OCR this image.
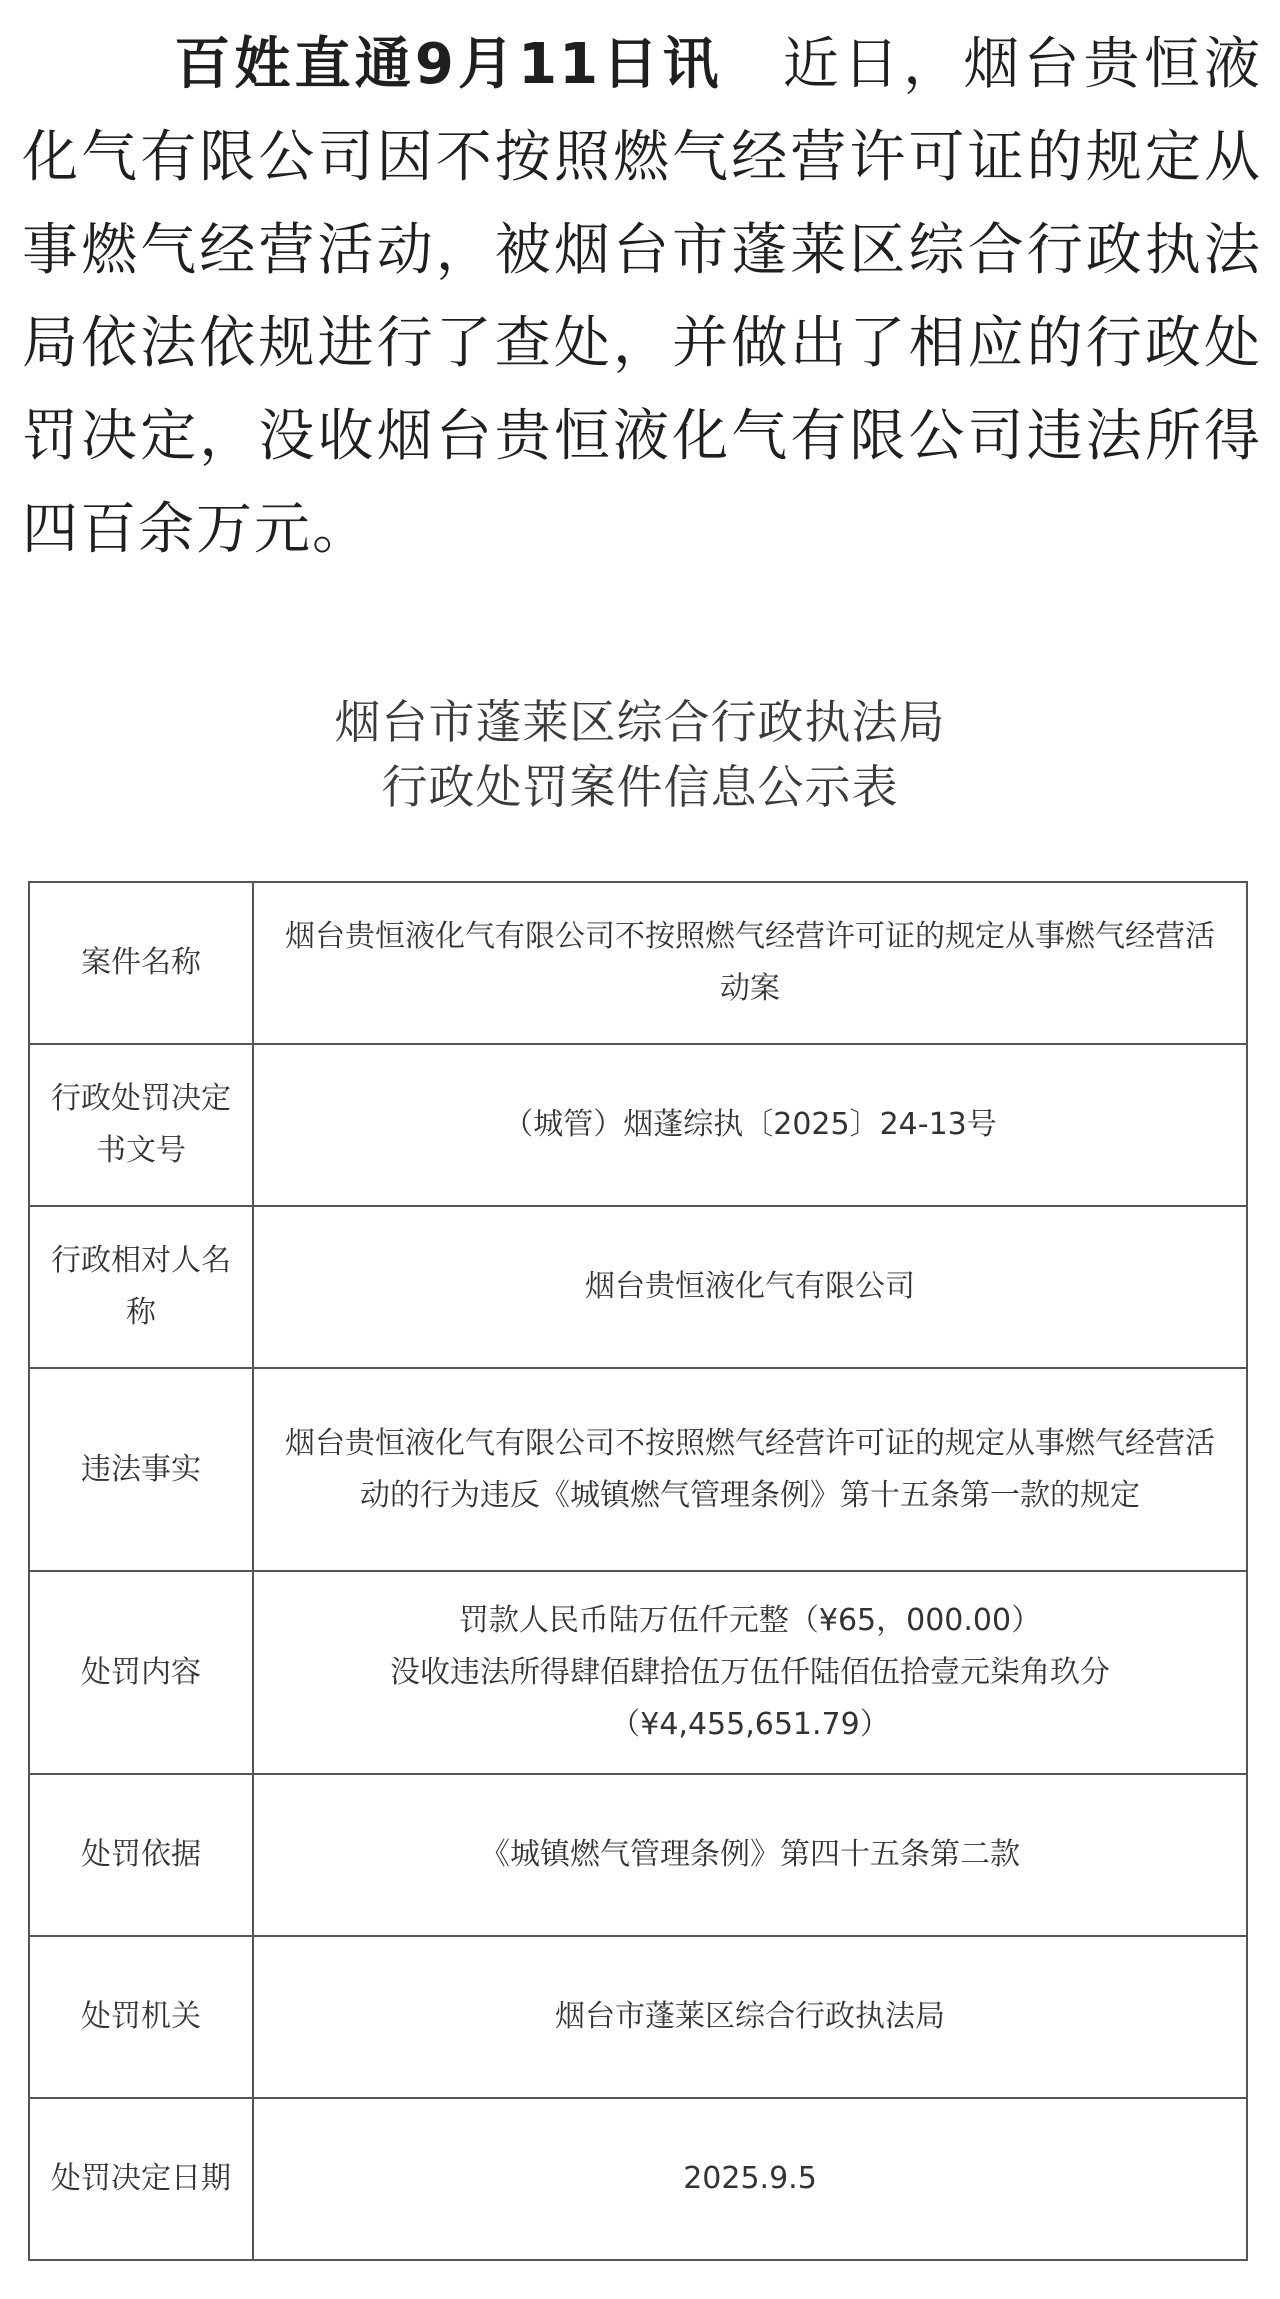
百姓直通9月11日讯　 近日，烟台贵恒液化气有限公司因不按照燃气经营许可证的规定从事燃气经营活动，被烟台市蓬莱区综合行政执法局依法依规进行了查处，并做出了相应的行政处罚决定，没收烟台贵恒液化气有限公司违法所得四百余万元。
烟台市蓬莱区综合行政执法局
行政处罚案件信息公示表
案件名称	烟台贵恒液化气有限公司不按照燃气经营许可证的规定从事燃气经营活动案
行政处罚决定书文号	（城管）烟蓬综执〔2025〕24-13号
行政相对人名称	烟台贵恒液化气有限公司
违法事实	烟台贵恒液化气有限公司不按照燃气经营许可证的规定从事燃气经营活动的行为违反《城镇燃气管理条例》第十五条第一款的规定
处罚内容	罚款人民币陆万伍仟元整（¥65，000.00）
没收违法所得肆佰肆拾伍万伍仟陆佰伍拾壹元柒角玖分
（¥4,455,651.79）

处罚依据	《城镇燃气管理条例》第四十五条第二款
处罚机关	烟台市蓬莱区综合行政执法局
处罚决定日期	2025.9.5
